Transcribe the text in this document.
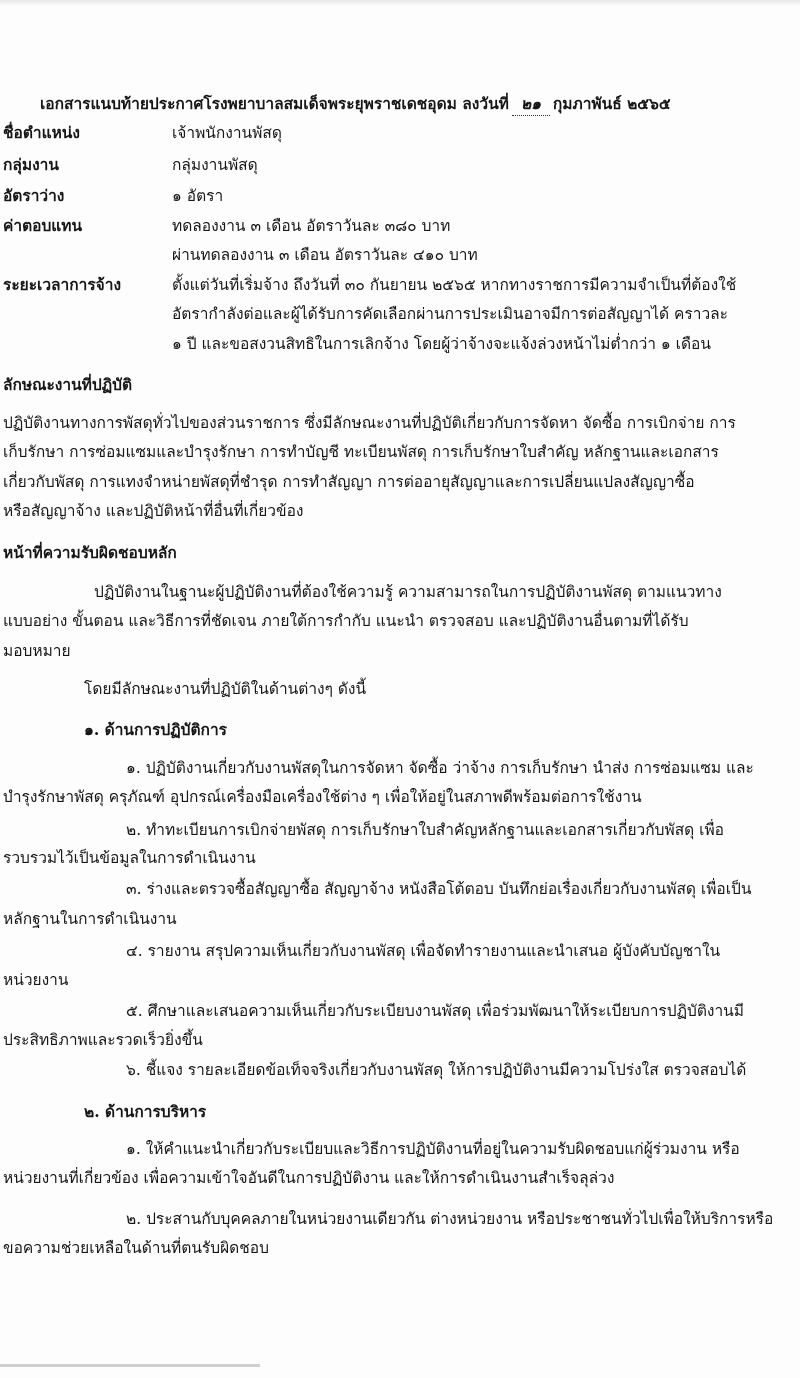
เอกสารแนบท้ายประกาศโรงพยาบาลสมเด็จพระยุพราชเดชอุดม ลงวันที่ ๒๑ กุมภาพันธ์ ๒๕๖๕
ชื่อตำแหน่ง	เจ้าพนักงานพัสดุ
กลุ่มงาน	กลุ่มงานพัสดุ
อัตราว่าง	๑ อัตรา
ค่าตอบแทน	ทดลองงาน ๓ เดือน อัตราวันละ ๓๘๐ บาท
ผ่านทดลองงาน ๓ เดือน อัตราวันละ ๔๑๐ บาท
ระยะเวลาการจ้าง	ตั้งแต่วันที่เริ่มจ้าง ถึงวันที่ ๓๐ กันยายน ๒๕๖๕ หากทางราชการมีความจำเป็นที่ต้องใช้
อัตรากำลังต่อและผู้ได้รับการคัดเลือกผ่านการประเมินอาจมีการต่อสัญญาได้ คราวละ
๑ ปี และขอสงวนสิทธิในการเลิกจ้าง โดยผู้ว่าจ้างจะแจ้งล่วงหน้าไม่ต่ำกว่า ๑ เดือน
ลักษณะงานที่ปฏิบัติ
ปฏิบัติงานทางการพัสดุทั่วไปของส่วนราชการ ซึ่งมีลักษณะงานที่ปฏิบัติเกี่ยวกับการจัดหา จัดซื้อ การเบิกจ่าย การ
เก็บรักษา การซ่อมแซมและบำรุงรักษา การทำบัญชี ทะเบียนพัสดุ การเก็บรักษาใบสำคัญ หลักฐานและเอกสาร
เกี่ยวกับพัสดุ การแทงจำหน่ายพัสดุที่ชำรุด การทำสัญญา การต่ออายุสัญญาและการเปลี่ยนแปลงสัญญาซื้อ
หรือสัญญาจ้าง และปฏิบัติหน้าที่อื่นที่เกี่ยวข้อง
หน้าที่ความรับผิดชอบหลัก
ปฏิบัติงานในฐานะผู้ปฏิบัติงานที่ต้องใช้ความรู้ ความสามารถในการปฏิบัติงานพัสดุ ตามแนวทาง
แบบอย่าง ขั้นตอน และวิธีการที่ชัดเจน ภายใต้การกำกับ แนะนำ ตรวจสอบ และปฏิบัติงานอื่นตามที่ได้รับ
มอบหมาย
โดยมีลักษณะงานที่ปฏิบัติในด้านต่างๆ ดังนี้
๑. ด้านการปฏิบัติการ
๑. ปฏิบัติงานเกี่ยวกับงานพัสดุในการจัดหา จัดซื้อ ว่าจ้าง การเก็บรักษา นำส่ง การซ่อมแซม และ
บำรุงรักษาพัสดุ ครุภัณฑ์ อุปกรณ์เครื่องมือเครื่องใช้ต่าง ๆ เพื่อให้อยู่ในสภาพดีพร้อมต่อการใช้งาน
๒. ทำทะเบียนการเบิกจ่ายพัสดุ การเก็บรักษาใบสำคัญหลักฐานและเอกสารเกี่ยวกับพัสดุ เพื่อ
รวบรวมไว้เป็นข้อมูลในการดำเนินงาน
๓. ร่างและตรวจซื้อสัญญาซื้อ สัญญาจ้าง หนังสือโต้ตอบ บันทึกย่อเรื่องเกี่ยวกับงานพัสดุ เพื่อเป็น
หลักฐานในการดำเนินงาน
๔. รายงาน สรุปความเห็นเกี่ยวกับงานพัสดุ เพื่อจัดทำรายงานและนำเสนอ ผู้บังคับบัญชาใน
หน่วยงาน
๕. ศึกษาและเสนอความเห็นเกี่ยวกับระเบียบงานพัสดุ เพื่อร่วมพัฒนาให้ระเบียบการปฏิบัติงานมี
ประสิทธิภาพและรวดเร็วยิ่งขึ้น
๖. ชี้แจง รายละเอียดข้อเท็จจริงเกี่ยวกับงานพัสดุ ให้การปฏิบัติงานมีความโปร่งใส ตรวจสอบได้
๒. ด้านการบริหาร
๑. ให้คำแนะนำเกี่ยวกับระเบียบและวิธีการปฏิบัติงานที่อยู่ในความรับผิดชอบแก่ผู้ร่วมงาน หรือ
หน่วยงานที่เกี่ยวข้อง เพื่อความเข้าใจอันดีในการปฏิบัติงาน และให้การดำเนินงานสำเร็จลุล่วง
๒. ประสานกับบุคคลภายในหน่วยงานเดียวกัน ต่างหน่วยงาน หรือประชาชนทั่วไปเพื่อให้บริการหรือ
ขอความช่วยเหลือในด้านที่ตนรับผิดชอบ
